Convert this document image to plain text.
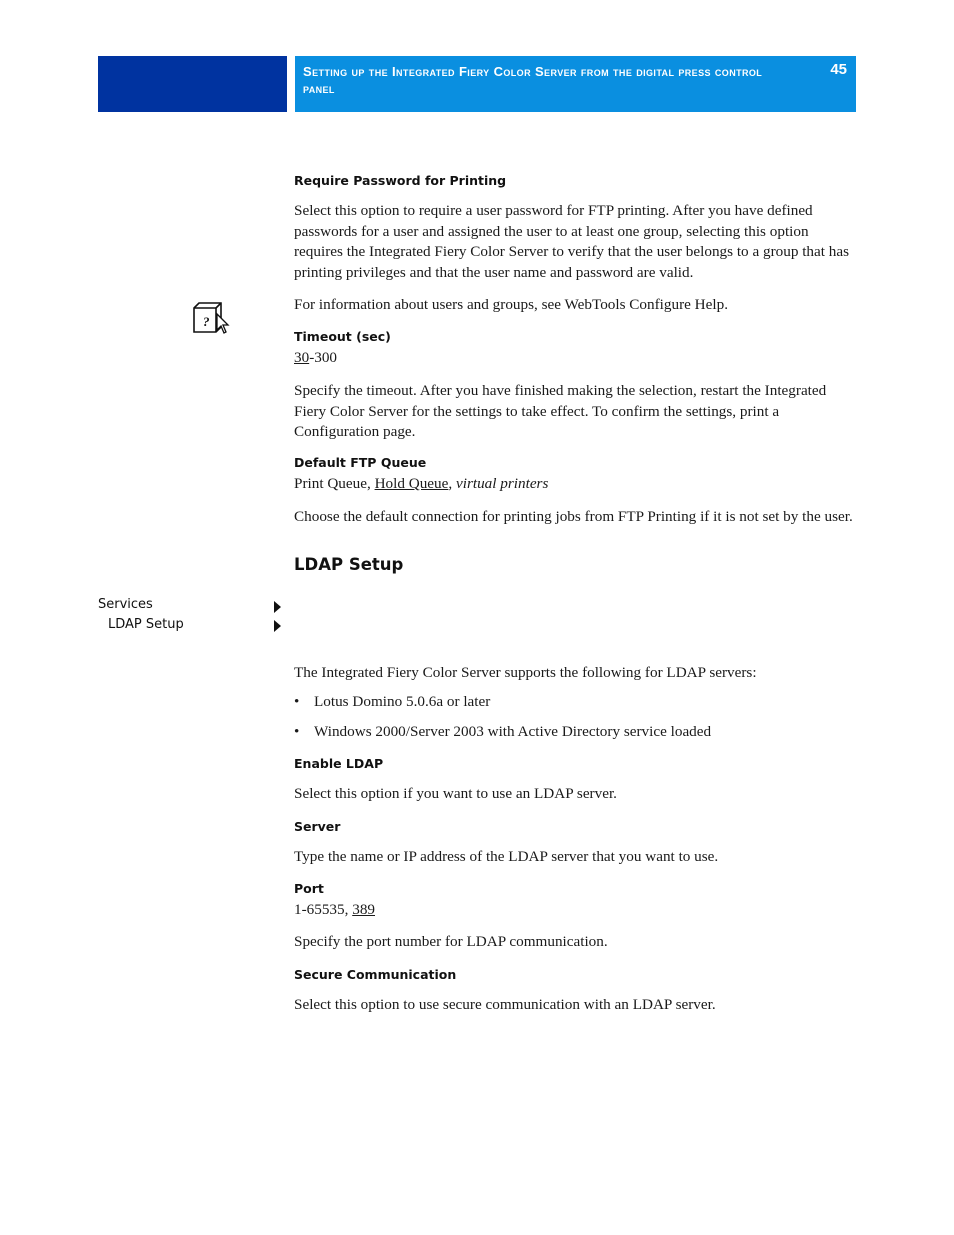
Setting up the Integrated Fiery Color Server from the digital press control panel
45
Require Password for Printing
Select this option to require a user password for FTP printing. After you have defined passwords for a user and assigned the user to at least one group, selecting this option requires the Integrated Fiery Color Server to verify that the user belongs to a group that has printing privileges and that the user name and password are valid.
?
For information about users and groups, see WebTools Configure Help.
Timeout (sec)
30-300
Specify the timeout. After you have finished making the selection, restart the Integrated Fiery Color Server for the settings to take effect. To confirm the settings, print a Configuration page.
Default FTP Queue
Print Queue, Hold Queue, virtual printers
Choose the default connection for printing jobs from FTP Printing if it is not set by the user.
LDAP Setup
Services
LDAP Setup
The Integrated Fiery Color Server supports the following for LDAP servers:
• Lotus Domino 5.0.6a or later
• Windows 2000/Server 2003 with Active Directory service loaded
Enable LDAP
Select this option if you want to use an LDAP server.
Server
Type the name or IP address of the LDAP server that you want to use.
Port
1-65535, 389
Specify the port number for LDAP communication.
Secure Communication
Select this option to use secure communication with an LDAP server.
